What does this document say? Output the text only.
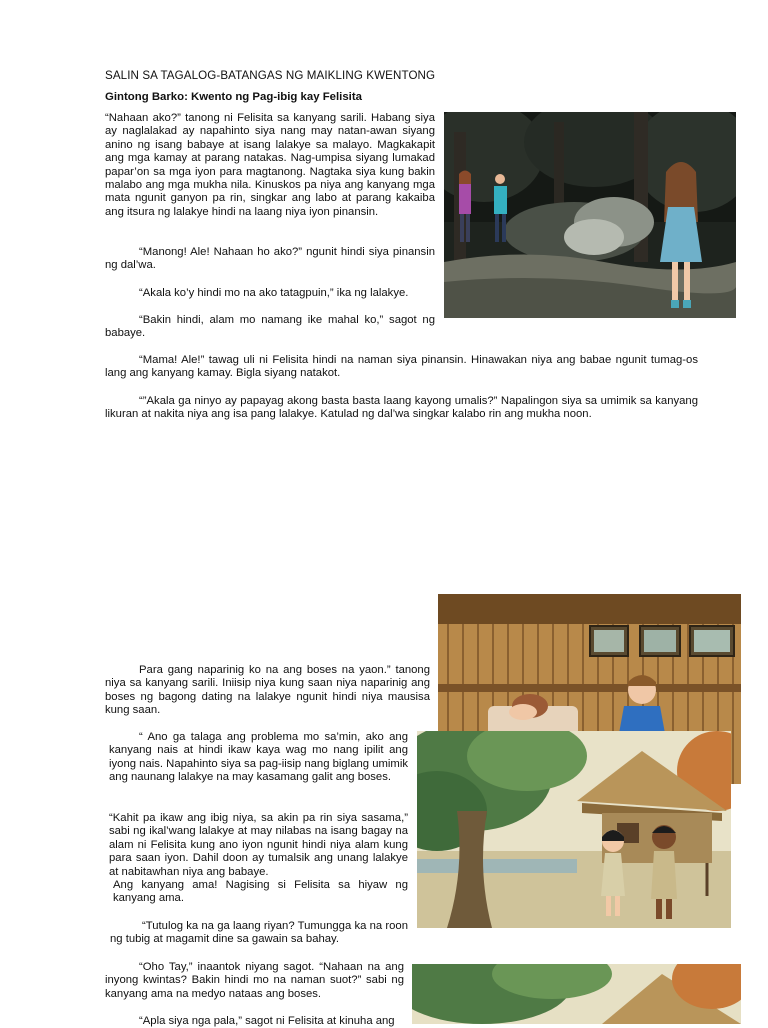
SALIN SA TAGALOG-BATANGAS NG MAIKLING KWENTONG
Gintong Barko: Kwento ng Pag-ibig kay Felisita

“Nahaan ako?” tanong ni Felisita sa kanyang sarili. Habang siya ay naglalakad ay napahinto siya nang may natan-awan siyang anino ng isang babaye at isang lalakye sa malayo. Magkakapit ang mga kamay at parang natakas. Nag-umpisa siyang lumakad papar’on sa mga iyon para magtanong. Nagtaka siya kung bakin malabo ang mga mukha nila. Kinuskos pa niya ang kanyang mga mata ngunit ganyon pa rin, singkar ang labo at parang kakaiba ang itsura ng lalakye hindi na laang niya iyon pinansin.

“Manong! Ale! Nahaan ho ako?” ngunit hindi siya pinansin ng dal’wa.

“Akala ko’y hindi mo na ako tatagpuin,” ika ng lalakye.

“Bakin hindi, alam mo namang ike mahal ko,” sagot ng babaye.

“Mama! Ale!” tawag uli ni Felisita hindi na naman siya pinansin. Hinawakan niya ang babae ngunit tumag-os lang ang kanyang kamay. Bigla siyang natakot.

“”Akala ga ninyo ay papayag akong basta basta laang kayong umalis?” Napalingon siya sa umimik sa kanyang likuran at nakita niya ang isa pang lalakye. Katulad ng dal’wa singkar kalabo rin ang mukha noon.

Para gang naparinig ko na ang boses na yaon.” tanong niya sa kanyang sarili. Iniisip niya kung saan niya naparinig ang boses ng bagong dating na lalakye ngunit hindi niya mausisa kung saan.

“ Ano ga talaga ang problema mo sa’min, ako ang kanyang nais at hindi ikaw kaya wag mo nang ipilit ang iyong nais. Napahinto siya sa pag-iisip nang biglang umimik ang naunang lalakye na may kasamang galit ang boses.

“Kahit pa ikaw ang ibig niya, sa akin pa rin siya sasama,” sabi ng ikal’wang lalakye at may nilabas na isang bagay na alam ni Felisita kung ano iyon ngunit hindi niya alam kung para saan iyon. Dahil doon ay tumalsik ang unang lalakye at nabitawhan niya ang babaye.

Ang kanyang ama! Nagising si Felisita sa hiyaw ng kanyang ama.

“Tutulog ka na ga laang riyan? Tumungga ka na roon ng tubig at magamit dine sa gawain sa bahay.

“Oho Tay,” inaantok niyang sagot. “Nahaan na ang inyong kwintas? Bakin hindi mo na naman suot?” sabi ng kanyang ama na medyo nataas ang boses.

“Apla siya nga pala,” sagot ni Felisita at kinuha ang
